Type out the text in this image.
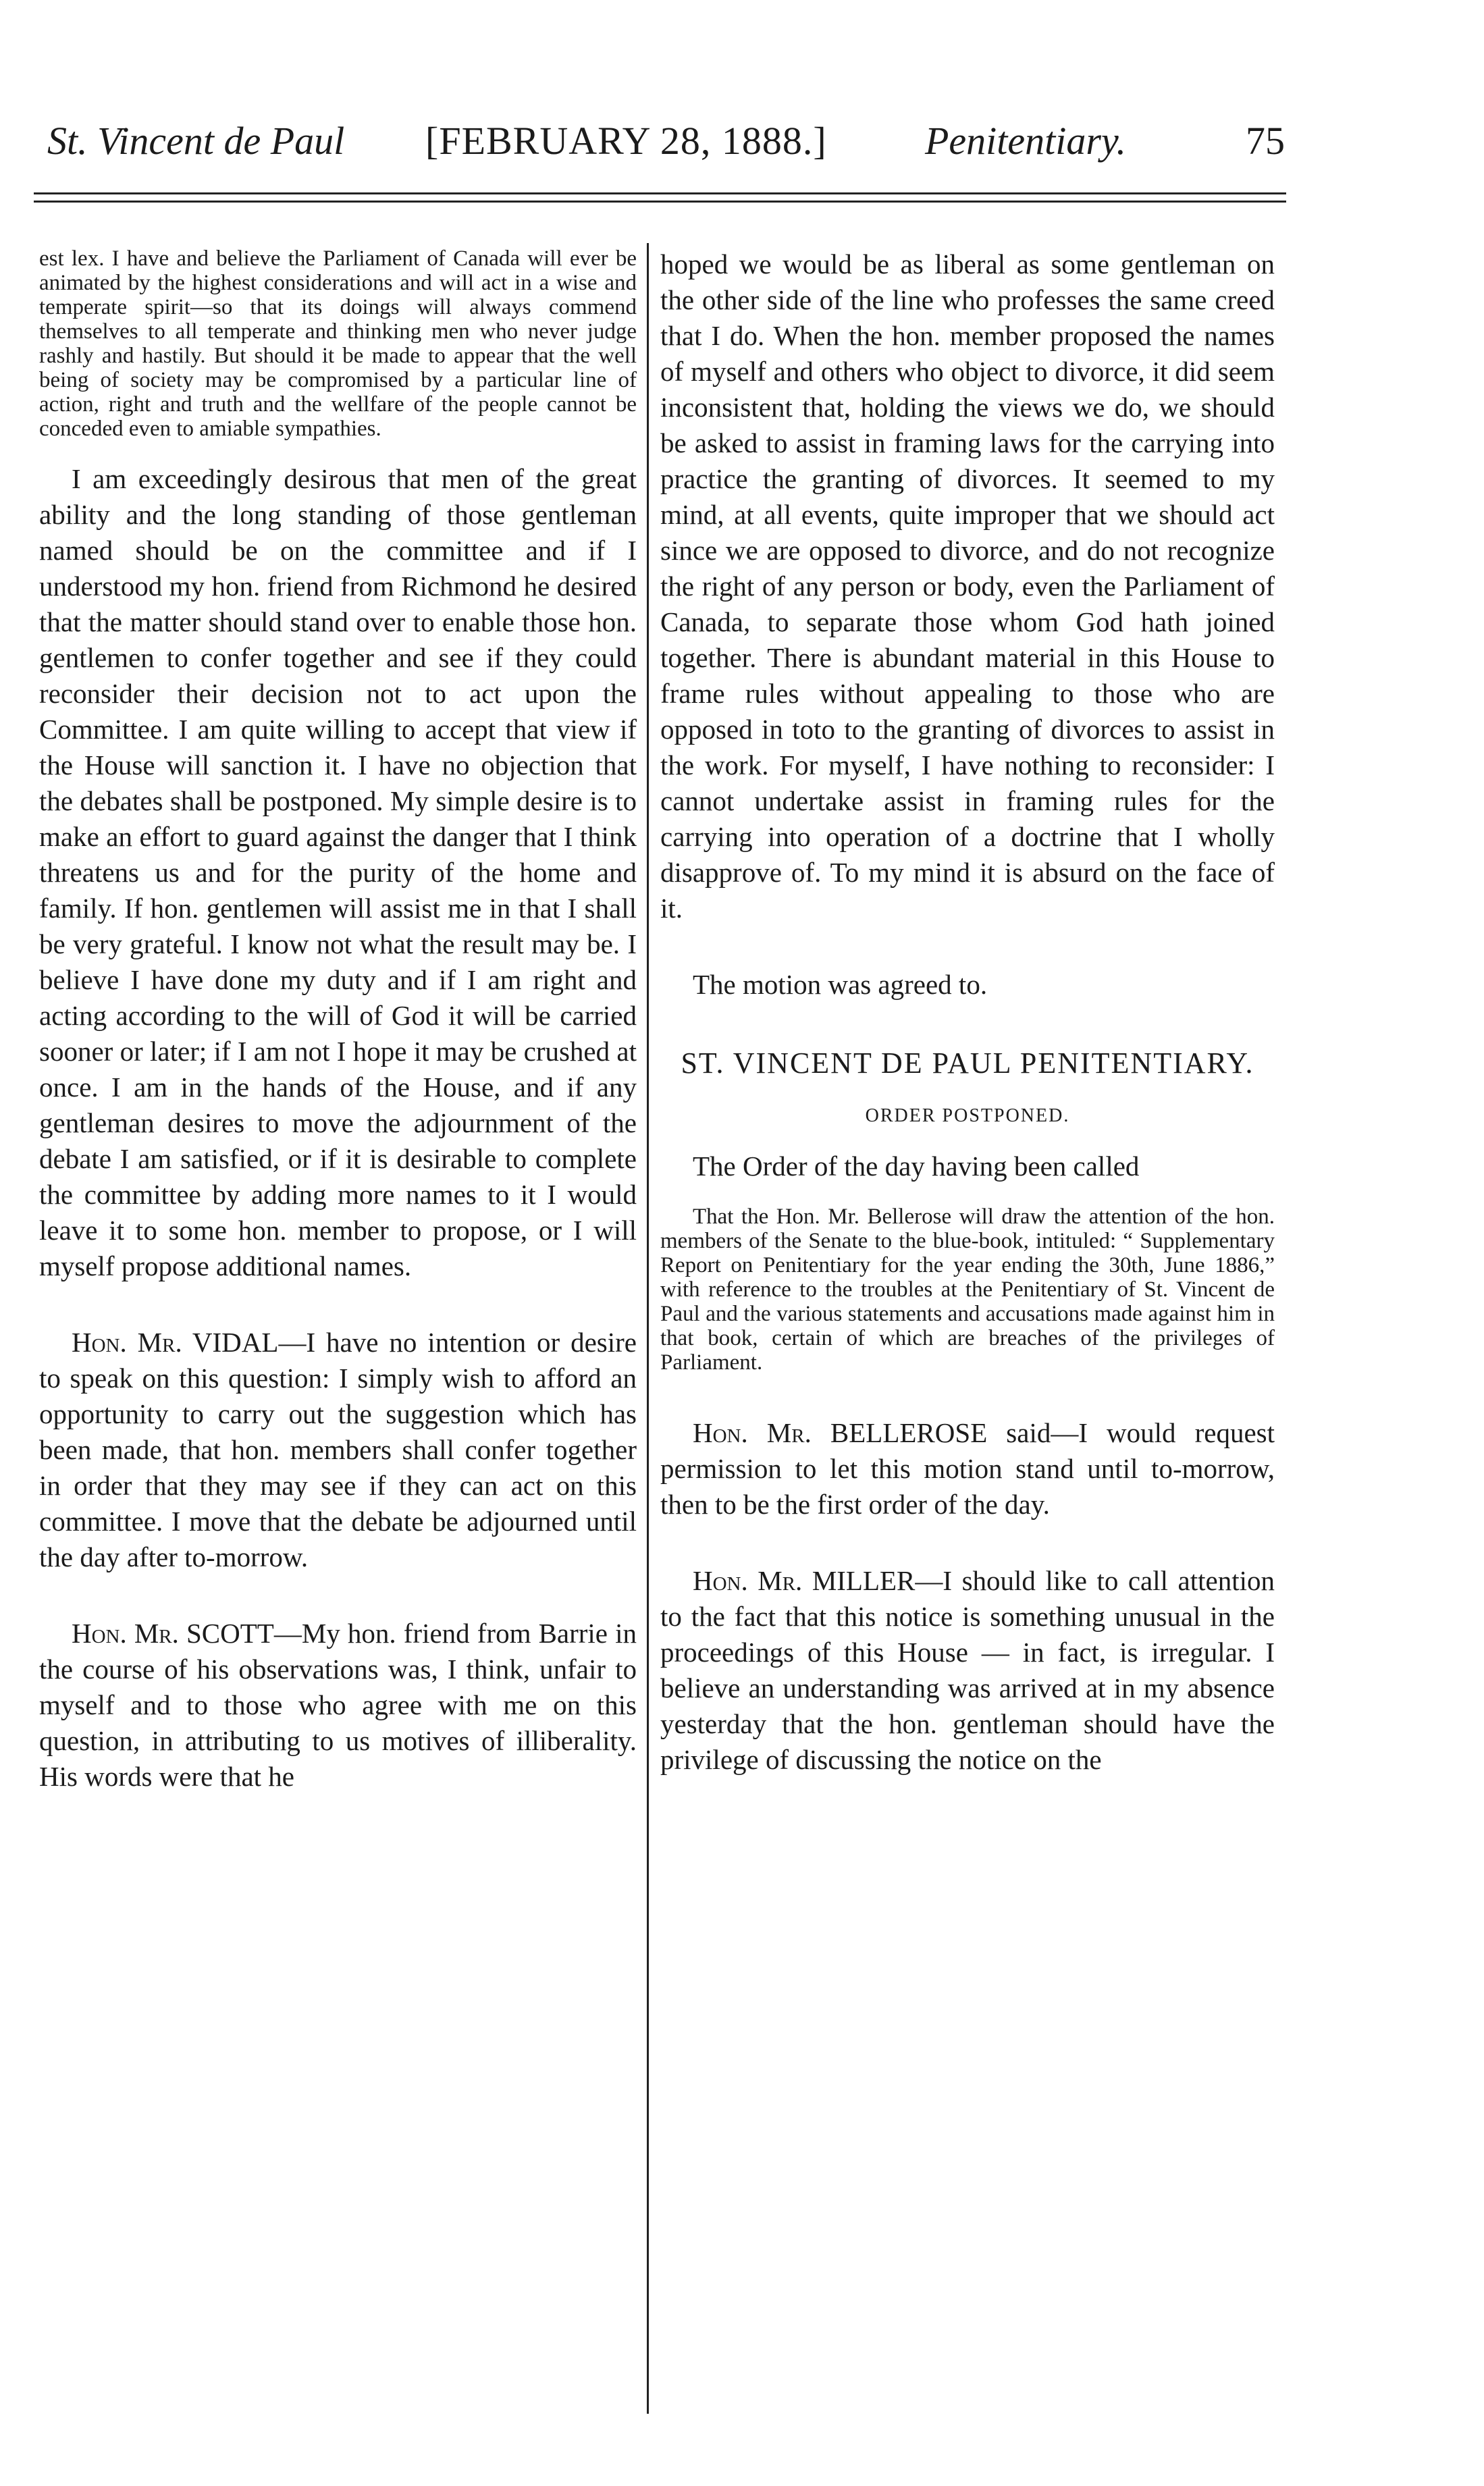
St. Vincent de Paul [FEBRUARY 28, 1888.]	Penitentiary.	75

est lex. I have and believe the Parliament of Canada will ever be animated by the highest considerations and will act in a wise and temperate spirit—so that its doings will always commend themselves to all temperate and thinking men who never judge rashly and hastily. But should it be made to appear that the well being of society may be compromised by a particular line of action, right and truth and the wellfare of the people cannot be conceded even to amiable sympathies.

I am exceedingly desirous that men of the great ability and the long standing of those gentleman named should be on the committee and if I understood my hon. friend from Richmond he desired that the matter should stand over to enable those hon. gentlemen to confer together and see if they could reconsider their decision not to act upon the Committee. I am quite willing to accept that view if the House will sanction it. I have no objection that the debates shall be postponed. My simple desire is to make an effort to guard against the danger that I think threatens us and for the purity of the home and family. If hon. gentlemen will assist me in that I shall be very grateful. I know not what the result may be. I believe I have done my duty and if I am right and acting according to the will of God it will be carried sooner or later; if I am not I hope it may be crushed at once. I am in the hands of the House, and if any gentleman desires to move the adjournment of the debate I am satisfied, or if it is desirable to complete the committee by adding more names to it I would leave it to some hon. member to propose, or I will myself propose additional names.

Hon. Mr. VIDAL—I have no intention or desire to speak on this question: I simply wish to afford an opportunity to carry out the suggestion which has been made, that hon. members shall confer together in order that they may see if they can act on this committee. I move that the debate be adjourned until the day after to-morrow.

Hon. Mr. SCOTT—My hon. friend from Barrie in the course of his observations was, I think, unfair to myself and to those who agree with me on this question, in attributing to us motives of illiberality. His words were that he

hoped we would be as liberal as some gentleman on the other side of the line who professes the same creed that I do. When the hon. member proposed the names of myself and others who object to divorce, it did seem inconsistent that, holding the views we do, we should be asked to assist in framing laws for the carrying into practice the granting of divorces. It seemed to my mind, at all events, quite improper that we should act since we are opposed to divorce, and do not recognize the right of any person or body, even the Parliament of Canada, to separate those whom God hath joined together. There is abundant material in this House to frame rules without appealing to those who are opposed in toto to the granting of divorces to assist in the work. For myself, I have nothing to reconsider: I cannot undertake assist in framing rules for the carrying into operation of a doctrine that I wholly disapprove of. To my mind it is absurd on the face of it.

The motion was agreed to.

ST. VINCENT DE PAUL PENITENTIARY.
ORDER POSTPONED.

The Order of the day having been called

That the Hon. Mr. Bellerose will draw the attention of the hon. members of the Senate to the blue-book, intituled: “ Supplementary Report on Penitentiary for the year ending the 30th, June 1886,” with reference to the troubles at the Penitentiary of St. Vincent de Paul and the various statements and accusations made against him in that book, certain of which are breaches of the privileges of Parliament.

Hon. Mr. BELLEROSE said—I would request permission to let this motion stand until to-morrow, then to be the first order of the day.

Hon. Mr. MILLER—I should like to call attention to the fact that this notice is something unusual in the proceedings of this House — in fact, is irregular. I believe an understanding was arrived at in my absence yesterday that the hon. gentleman should have the privilege of discussing the notice on the
